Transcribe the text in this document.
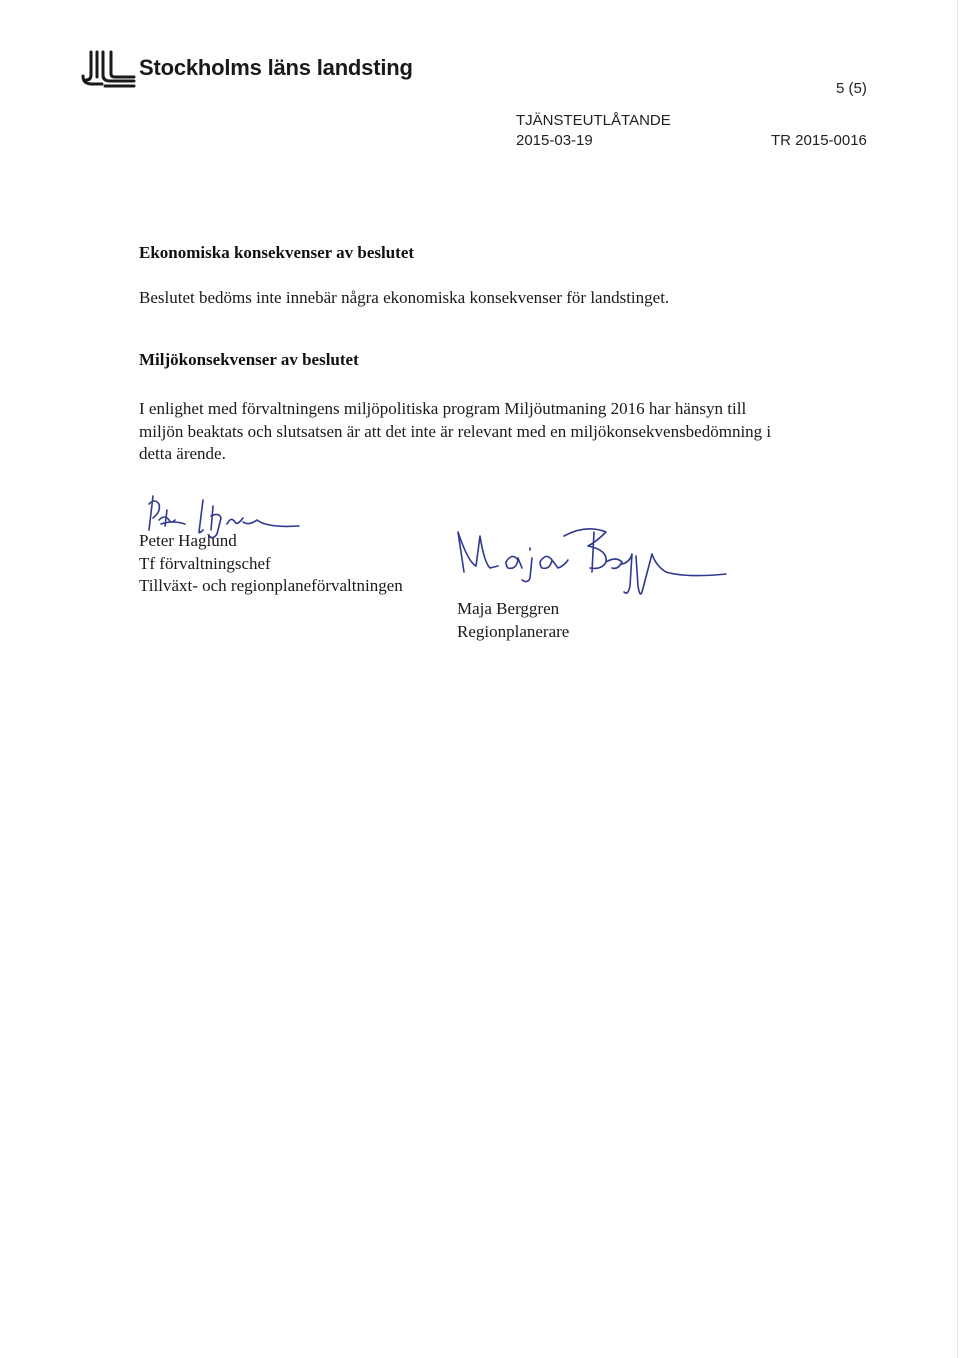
Stockholms läns landsting
5 (5)
TJÄNSTEUTLÅTANDE
2015-03-19	TR 2015-0016
Ekonomiska konsekvenser av beslutet

Beslutet bedöms inte innebär några ekonomiska konsekvenser för landstinget.

Miljökonsekvenser av beslutet

I enlighet med förvaltningens miljöpolitiska program Miljöutmaning 2016 har hänsyn till miljön beaktats och slutsatsen är att det inte är relevant med en miljökonsekvensbedömning i detta ärende.

Peter Haglund
Tf förvaltningschef
Tillväxt- och regionplaneförvaltningen
Maja Berggren
Regionplanerare
